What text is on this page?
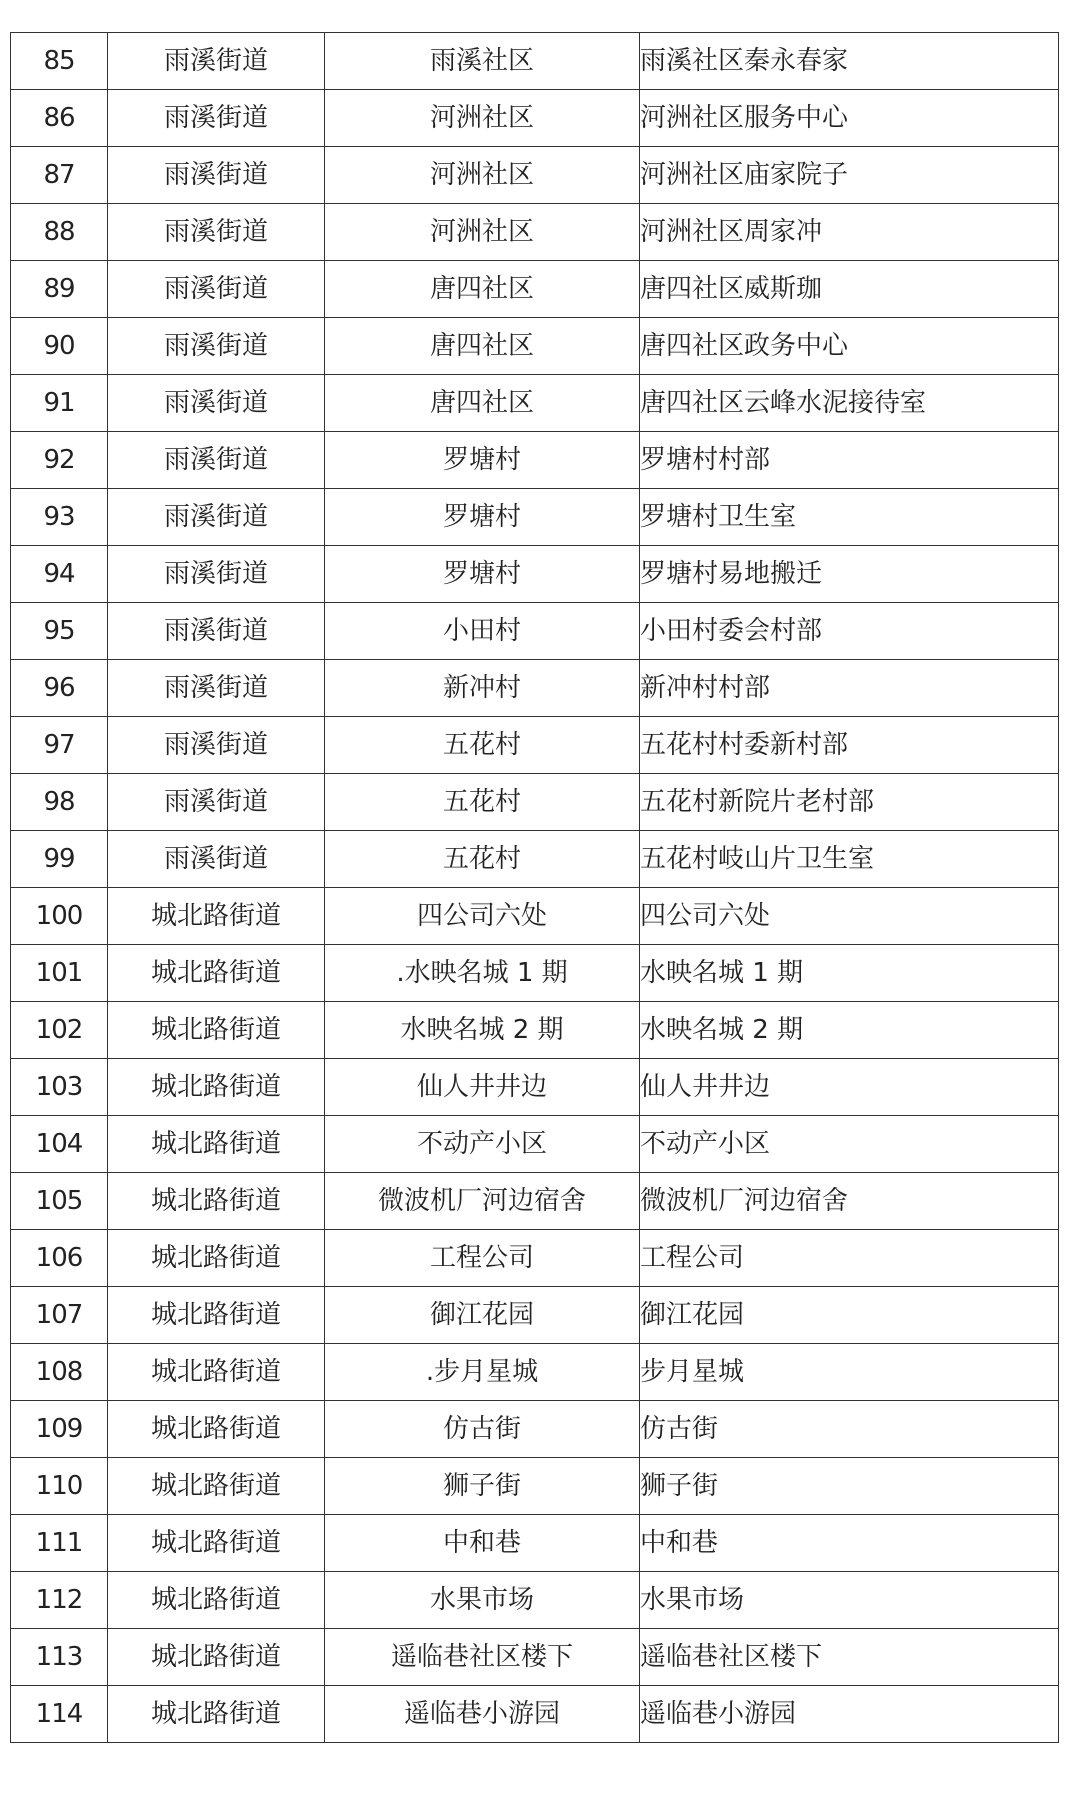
85	雨溪街道	雨溪社区	雨溪社区秦永春家
86	雨溪街道	河洲社区	河洲社区服务中心
87	雨溪街道	河洲社区	河洲社区庙家院子
88	雨溪街道	河洲社区	河洲社区周家冲
89	雨溪街道	唐四社区	唐四社区威斯珈
90	雨溪街道	唐四社区	唐四社区政务中心
91	雨溪街道	唐四社区	唐四社区云峰水泥接待室
92	雨溪街道	罗塘村	罗塘村村部
93	雨溪街道	罗塘村	罗塘村卫生室
94	雨溪街道	罗塘村	罗塘村易地搬迁
95	雨溪街道	小田村	小田村委会村部
96	雨溪街道	新冲村	新冲村村部
97	雨溪街道	五花村	五花村村委新村部
98	雨溪街道	五花村	五花村新院片老村部
99	雨溪街道	五花村	五花村岐山片卫生室
100	城北路街道	四公司六处	四公司六处
101	城北路街道	.水映名城 1 期	水映名城 1 期
102	城北路街道	水映名城 2 期	水映名城 2 期
103	城北路街道	仙人井井边	仙人井井边
104	城北路街道	不动产小区	不动产小区
105	城北路街道	微波机厂河边宿舍	微波机厂河边宿舍
106	城北路街道	工程公司	工程公司
107	城北路街道	御江花园	御江花园
108	城北路街道	.步月星城	步月星城
109	城北路街道	仿古街	仿古街
110	城北路街道	狮子街	狮子街
111	城北路街道	中和巷	中和巷
112	城北路街道	水果市场	水果市场
113	城北路街道	遥临巷社区楼下	遥临巷社区楼下
114	城北路街道	遥临巷小游园	遥临巷小游园
